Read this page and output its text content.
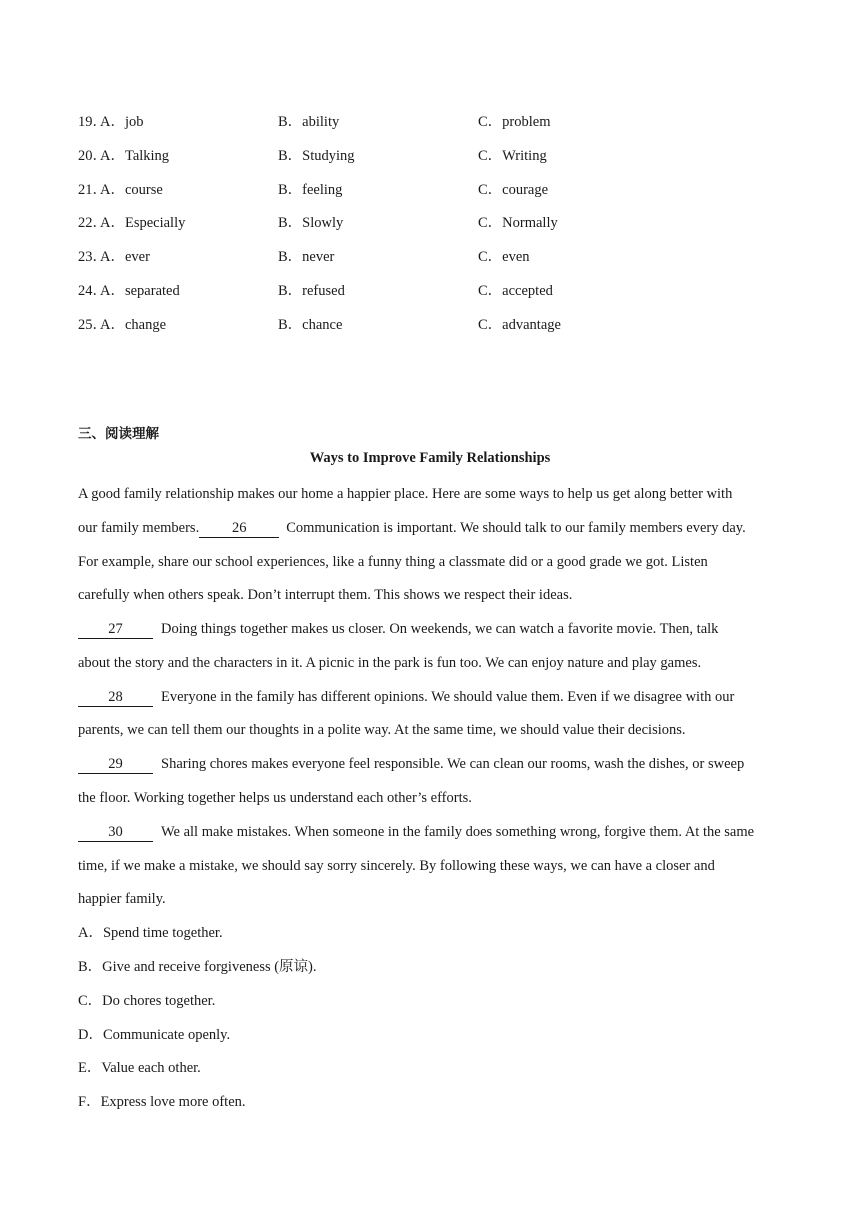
19．
A．job	B．ability	C．problem
20．
A．Talking	B．Studying	C．Writing
21．
A．course	B．feeling	C．courage
22．
A．Especially	B．Slowly	C．Normally
23．
A．ever	B．never	C．even
24．
A．separated	B．refused	C．accepted
25．
A．change	B．chance	C．advantage
三、阅读理解
Ways to Improve Family Relationships
A good family relationship makes our home a happier place. Here are some ways to help us get along better with
our family members. 26	Communication is important. We should talk to our family members every day.
For example, share our school experiences, like a funny thing a classmate did or a good grade we got. Listen
carefully when others speak. Don’t interrupt them. This shows we respect their ideas.
27	Doing things together makes us closer. On weekends, we can watch a favorite movie. Then, talk
about the story and the characters in it. A picnic in the park is fun too. We can enjoy nature and play games.
28	Everyone in the family has different opinions. We should value them. Even if we disagree with our
parents, we can tell them our thoughts in a polite way. At the same time, we should value their decisions.
29	Sharing chores makes everyone feel responsible. We can clean our rooms, wash the dishes, or sweep
the floor. Working together helps us understand each other’s efforts.
30	We all make mistakes. When someone in the family does something wrong, forgive them. At the same
time, if we make a mistake, we should say sorry sincerely. By following these ways, we can have a closer and
happier family.
A．Spend time together.
B．Give and receive forgiveness (原谅).
C．Do chores together.
D．Communicate openly.
E．Value each other.
F．Express love more often.
